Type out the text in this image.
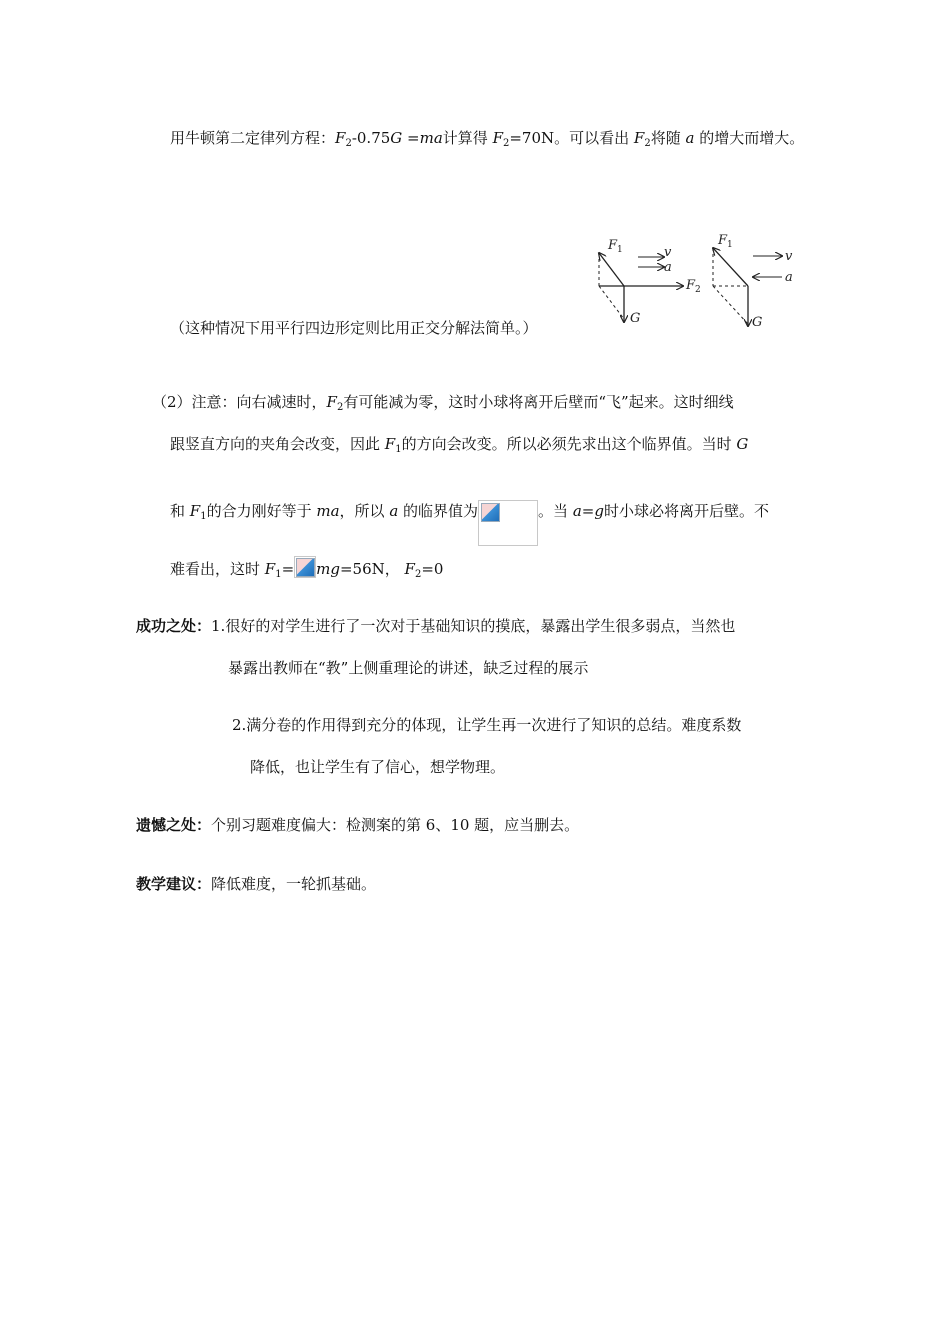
用牛顿第二定律列方程：$F_2-0.75G =ma$计算得 $F_2=70N$。可以看出 $F_2$将随 a 的增大而增大。
（这种情况下用平行四边形定则比用正交分解法简单。）
$F_1$	v
a
$F_2$
G
$F_1$
v
a
G
（2）注意：向右减速时，$F_2$有可能减为零，这时小球将离开后壁而“飞”起来。这时细线
跟竖直方向的夹角会改变，因此 $F_1$的方向会改变。所以必须先求出这个临界值。当时 G
和 $F_1$的合力刚好等于 ma，所以 a 的临界值为	。当 a=g时小球必将离开后壁。不
难看出，这时 $F_1= mg=56N$， $F_2=0$
成功之处：1.很好的对学生进行了一次对于基础知识的摸底，暴露出学生很多弱点，当然也
暴露出教师在“教”上侧重理论的讲述，缺乏过程的展示
2.满分卷的作用得到充分的体现，让学生再一次进行了知识的总结。难度系数
降低，也让学生有了信心，想学物理。
遗憾之处：个别习题难度偏大：检测案的第 6、10 题，应当删去。
教学建议：降低难度，一轮抓基础。
